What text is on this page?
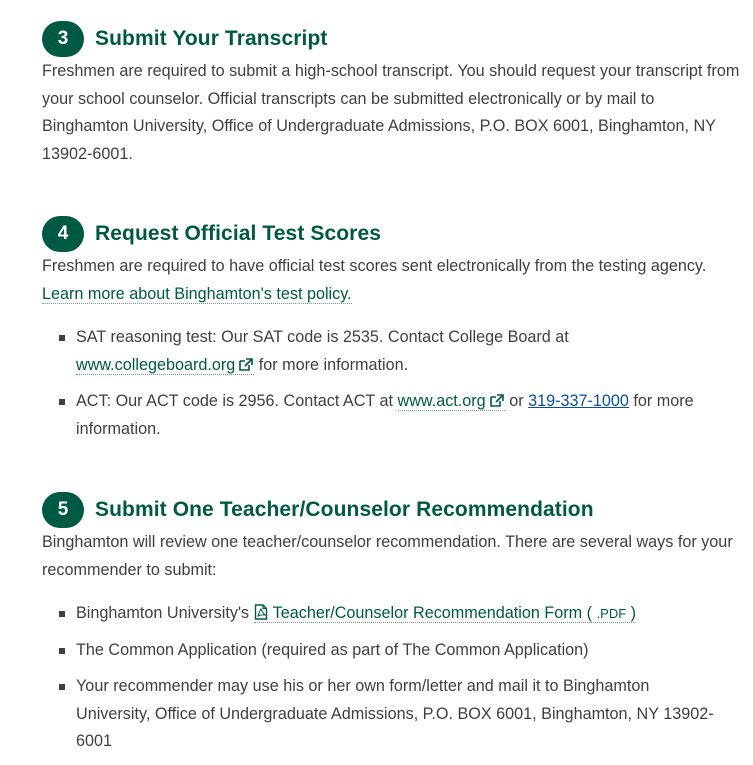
3	Submit Your Transcript

Freshmen are required to submit a high-school transcript. You should request your transcript from your school counselor. Official transcripts can be submitted electronically or by mail to Binghamton University, Office of Undergraduate Admissions, P.O. BOX 6001, Binghamton, NY 13902-6001.

4	Request Official Test Scores

Freshmen are required to have official test scores sent electronically from the testing agency. Learn more about Binghamton's test policy.

SAT reasoning test: Our SAT code is 2535. Contact College Board at www.collegeboard.org for more information.
ACT: Our ACT code is 2956. Contact ACT at www.act.org or 319-337-1000 for more information.
5	Submit One Teacher/Counselor Recommendation

Binghamton will review one teacher/counselor recommendation. There are several ways for your recommender to submit:

Binghamton University's Teacher/Counselor Recommendation Form ( .PDF )
The Common Application (required as part of The Common Application)
Your recommender may use his or her own form/letter and mail it to Binghamton University, Office of Undergraduate Admissions, P.O. BOX 6001, Binghamton, NY 13902-6001
